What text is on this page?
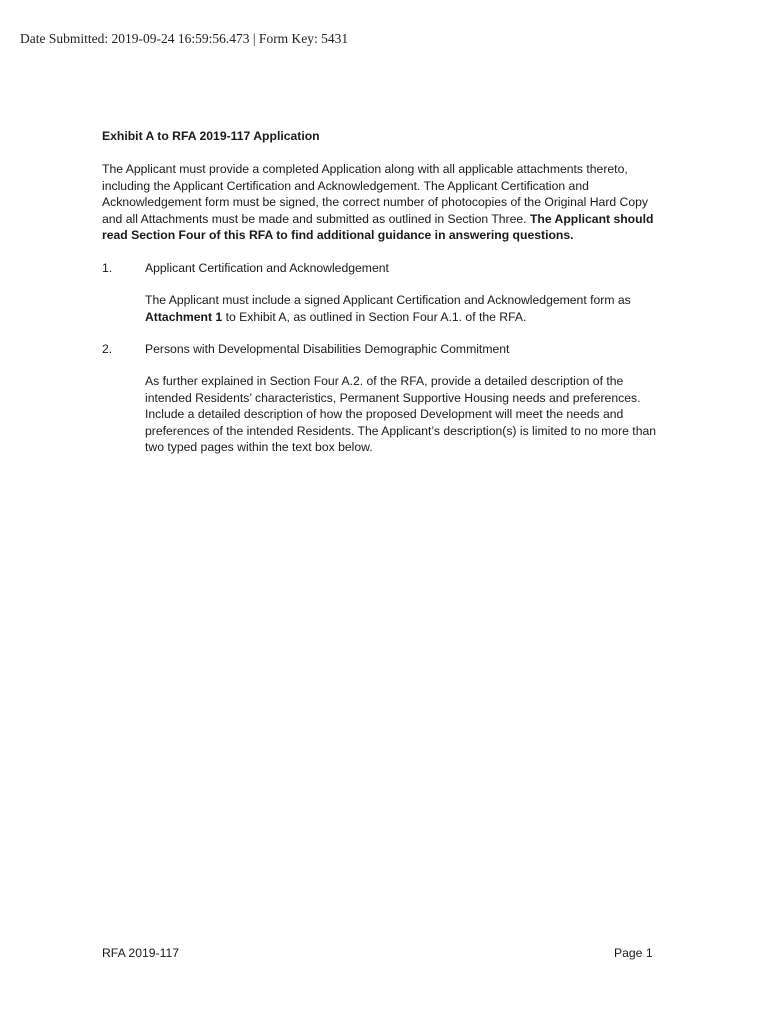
Date Submitted: 2019-09-24 16:59:56.473 | Form Key: 5431
Exhibit A to RFA 2019-117 Application

The Applicant must provide a completed Application along with all applicable attachments thereto,
including the Applicant Certification and Acknowledgement. The Applicant Certification and
Acknowledgement form must be signed, the correct number of photocopies of the Original Hard Copy
and all Attachments must be made and submitted as outlined in Section Three. The Applicant should
read Section Four of this RFA to find additional guidance in answering questions.

1.	Applicant Certification and Acknowledgement

The Applicant must include a signed Applicant Certification and Acknowledgement form as
Attachment 1 to Exhibit A, as outlined in Section Four A.1. of the RFA.

2.	Persons with Developmental Disabilities Demographic Commitment

As further explained in Section Four A.2. of the RFA, provide a detailed description of the
intended Residents’ characteristics, Permanent Supportive Housing needs and preferences.
Include a detailed description of how the proposed Development will meet the needs and
preferences of the intended Residents. The Applicant’s description(s) is limited to no more than
two typed pages within the text box below.

RFA 2019-117	Page 1
